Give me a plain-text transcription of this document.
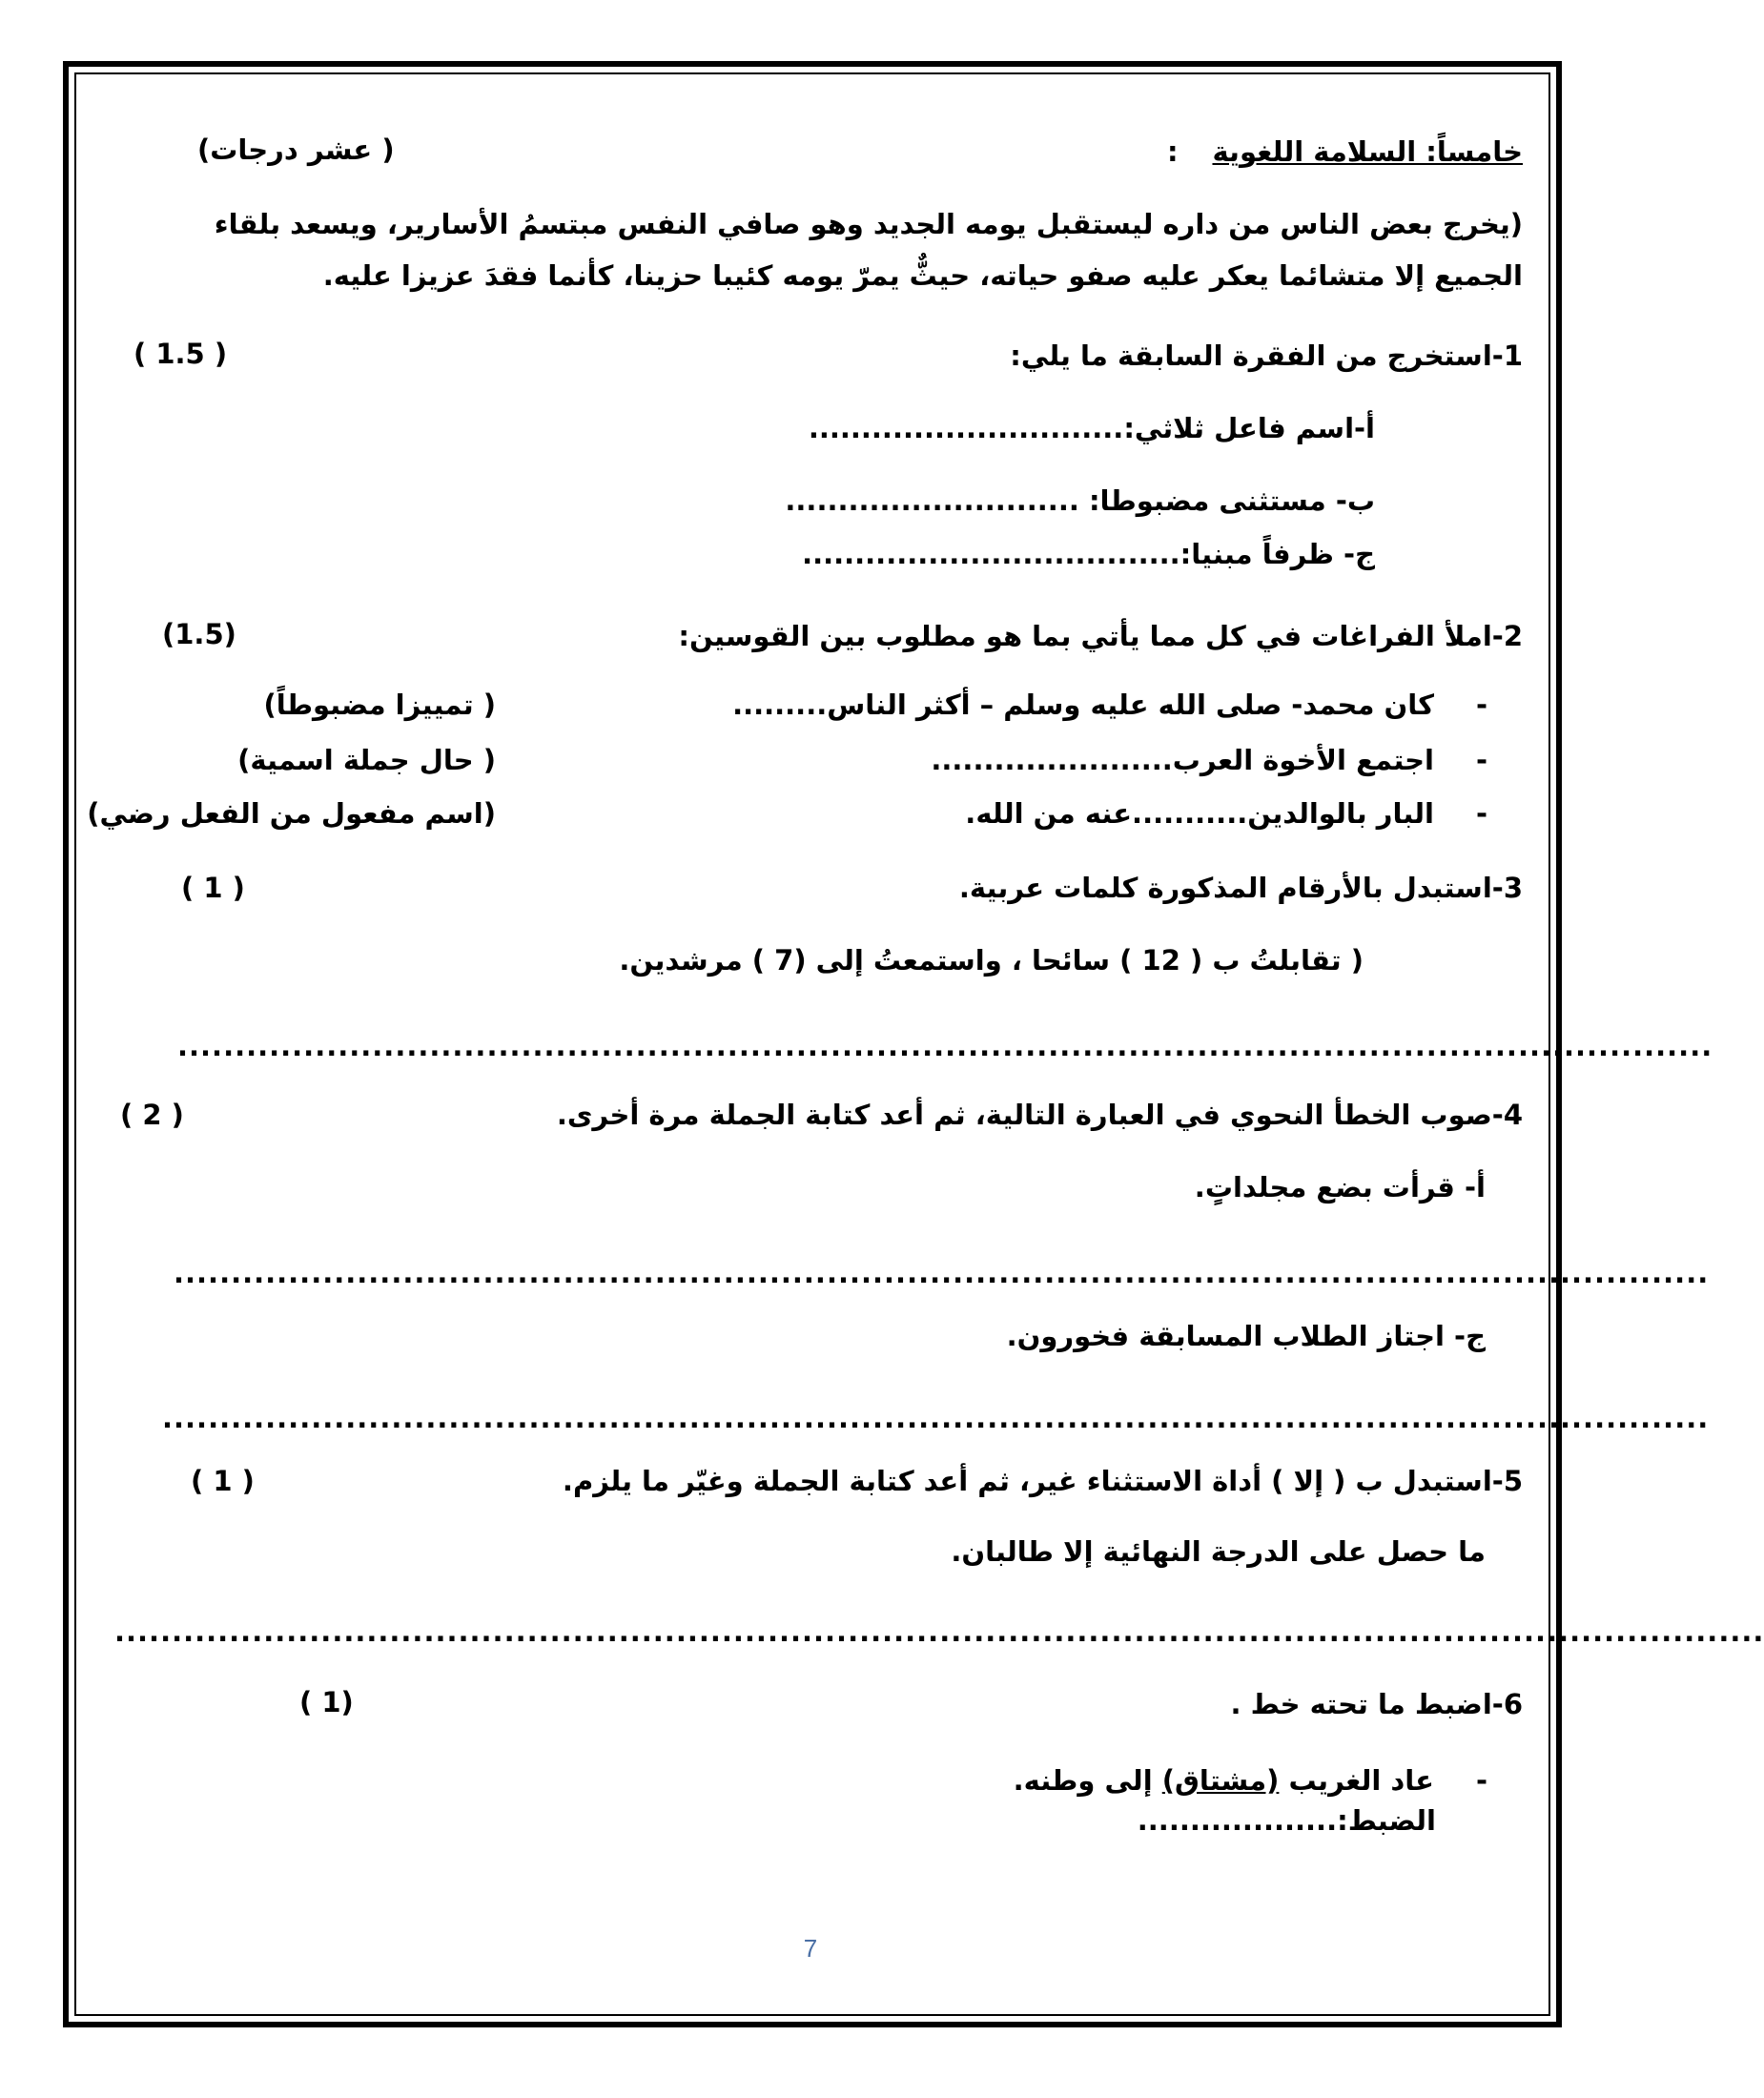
خامساً: السلامة اللغوية
:
( عشر درجات)
(يخرج بعض الناس من داره ليستقبل يومه الجديد وهو صافي النفس مبتسمُ الأسارير، ويسعد بلقاء
الجميع إلا متشائما يعكر عليه صفو حياته، حيثٌّ يمرّ يومه كئيبا حزينا، كأنما فقدَ عزيزا عليه.
1-استخرج من الفقرة السابقة ما يلي:
( 1.5 )
أ-اسم فاعل ثلاثي:..............................
ب- مستثنى مضبوطا: ............................
ج- ظرفاً مبنيا:....................................
2-املأ الفراغات في كل مما يأتي بما هو مطلوب بين القوسين:
(1.5)
-
كان محمد- صلى الله عليه وسلم – أكثر الناس.........
( تمييزا مضبوطاً)
-
اجتمع الأخوة العرب.......................
( حال جملة اسمية)
-
البار بالوالدين...........عنه من الله.
(اسم مفعول من الفعل رضي)
3-استبدل بالأرقام المذكورة كلمات عربية.
( 1 )
( تقابلتُ ب ( 12 ) سائحا ، واستمعتُ إلى (7 ) مرشدين.
......................................................................................................................................
4-صوب الخطأ النحوي في العبارة التالية، ثم أعد كتابة الجملة مرة أخرى.
( 2 )
أ- قرأت بضع مجلداتٍ.
......................................................................................................................................
ج- اجتاز الطلاب المسابقة فخورون.
.......................................................................................................................................
5-استبدل ب ( إلا ) أداة الاستثناء غير، ثم أعد كتابة الجملة وغيّر ما يلزم.
( 1 )
ما حصل على الدرجة النهائية إلا طالبان.
................................................................................................................................................
6-اضبط ما تحته خط .
( 1)
-
عاد الغريب (مشتاق) إلى وطنه.
الضبط:...................
7
